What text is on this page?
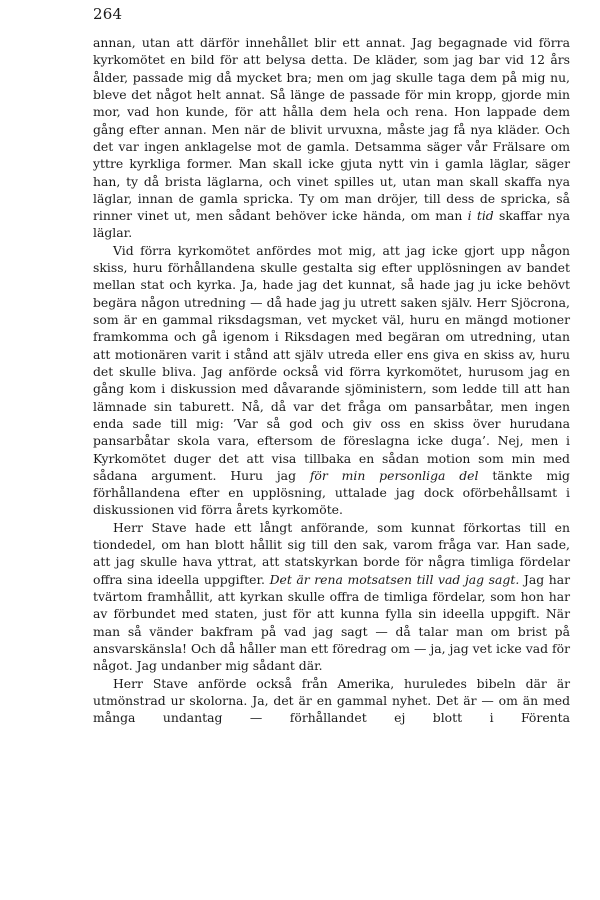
264

annan, utan att därför innehållet blir ett annat. Jag begagnade vid förra kyrkomötet en bild för att belysa detta. De kläder, som jag bar vid 12 års ålder, passade mig då mycket bra; men om jag skulle taga dem på mig nu, bleve det något helt annat. Så länge de passade för min kropp, gjorde min mor, vad hon kunde, för att hålla dem hela och rena. Hon lappade dem gång efter annan. Men när de blivit urvuxna, måste jag få nya kläder. Och det var ingen anklagelse mot de gamla. Detsamma säger vår Frälsare om yttre kyrkliga former. Man skall icke gjuta nytt vin i gamla läglar, säger han, ty då brista läglarna, och vinet spilles ut, utan man skall skaffa nya läglar, innan de gamla spricka. Ty om man dröjer, till dess de spricka, så rinner vinet ut, men sådant behöver icke hända, om man i tid skaffar nya läglar.

Vid förra kyrkomötet anfördes mot mig, att jag icke gjort upp någon skiss, huru förhållandena skulle gestalta sig efter upplösningen av bandet mellan stat och kyrka. Ja, hade jag det kunnat, så hade jag ju icke behövt begära någon utredning — då hade jag ju utrett saken själv. Herr Sjöcrona, som är en gammal riksdagsman, vet mycket väl, huru en mängd motioner framkomma och gå igenom i Riksdagen med begäran om utredning, utan att motionären varit i stånd att själv utreda eller ens giva en skiss av, huru det skulle bliva. Jag anförde också vid förra kyrkomötet, hurusom jag en gång kom i diskussion med dåvarande sjöministern, som ledde till att han lämnade sin taburett. Nå, då var det fråga om pansarbåtar, men ingen enda sade till mig: ’Var så god och giv oss en skiss över hurudana pansarbåtar skola vara, eftersom de föreslagna icke duga’. Nej, men i Kyrkomötet duger det att visa tillbaka en sådan motion som min med sådana argument. Huru jag för min personliga del tänkte mig förhållandena efter en upplösning, uttalade jag dock oförbehållsamt i diskussionen vid förra årets kyrkomöte.

Herr Stave hade ett långt anförande, som kunnat förkortas till en tiondedel, om han blott hållit sig till den sak, varom fråga var. Han sade, att jag skulle hava yttrat, att statskyrkan borde för några timliga fördelar offra sina ideella uppgifter. Det är rena motsatsen till vad jag sagt. Jag har tvärtom framhållit, att kyrkan skulle offra de timliga fördelar, som hon har av förbundet med staten, just för att kunna fylla sin ideella uppgift. När man så vänder bakfram på vad jag sagt — då talar man om brist på ansvarskänsla! Och då håller man ett föredrag om — ja, jag vet icke vad för något. Jag undanber mig sådant där.

Herr Stave anförde också från Amerika, huruledes bibeln där är utmönstrad ur skolorna. Ja, det är en gammal nyhet. Det är — om än med många undantag — förhållandet ej blott i Förenta
